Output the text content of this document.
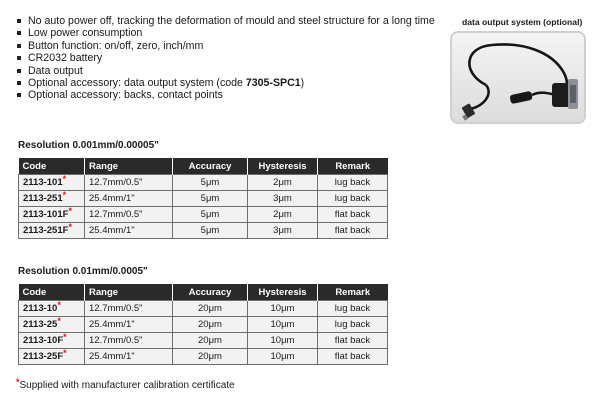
No auto power off, tracking the deformation of mould and steel structure for a long time
Low power consumption
Button function: on/off, zero, inch/mm
CR2032 battery
Data output
Optional accessory: data output system (code 7305-SPC1)
Optional accessory: backs, contact points
data output system (optional)
Resolution 0.001mm/0.00005"
Code	Range	Accuracy	Hysteresis	Remark
2113-101*	12.7mm/0.5"	5μm	2μm	lug back
2113-251*	25.4mm/1"	5μm	3μm	lug back
2113-101F*	12.7mm/0.5"	5μm	2μm	flat back
2113-251F*	25.4mm/1"	5μm	3μm	flat back
Resolution 0.01mm/0.0005"
Code	Range	Accuracy	Hysteresis	Remark
2113-10*	12.7mm/0.5"	20μm	10μm	lug back
2113-25*	25.4mm/1"	20μm	10μm	lug back
2113-10F*	12.7mm/0.5"	20μm	10μm	flat back
2113-25F*	25.4mm/1"	20μm	10μm	flat back
*Supplied with manufacturer calibration certificate
